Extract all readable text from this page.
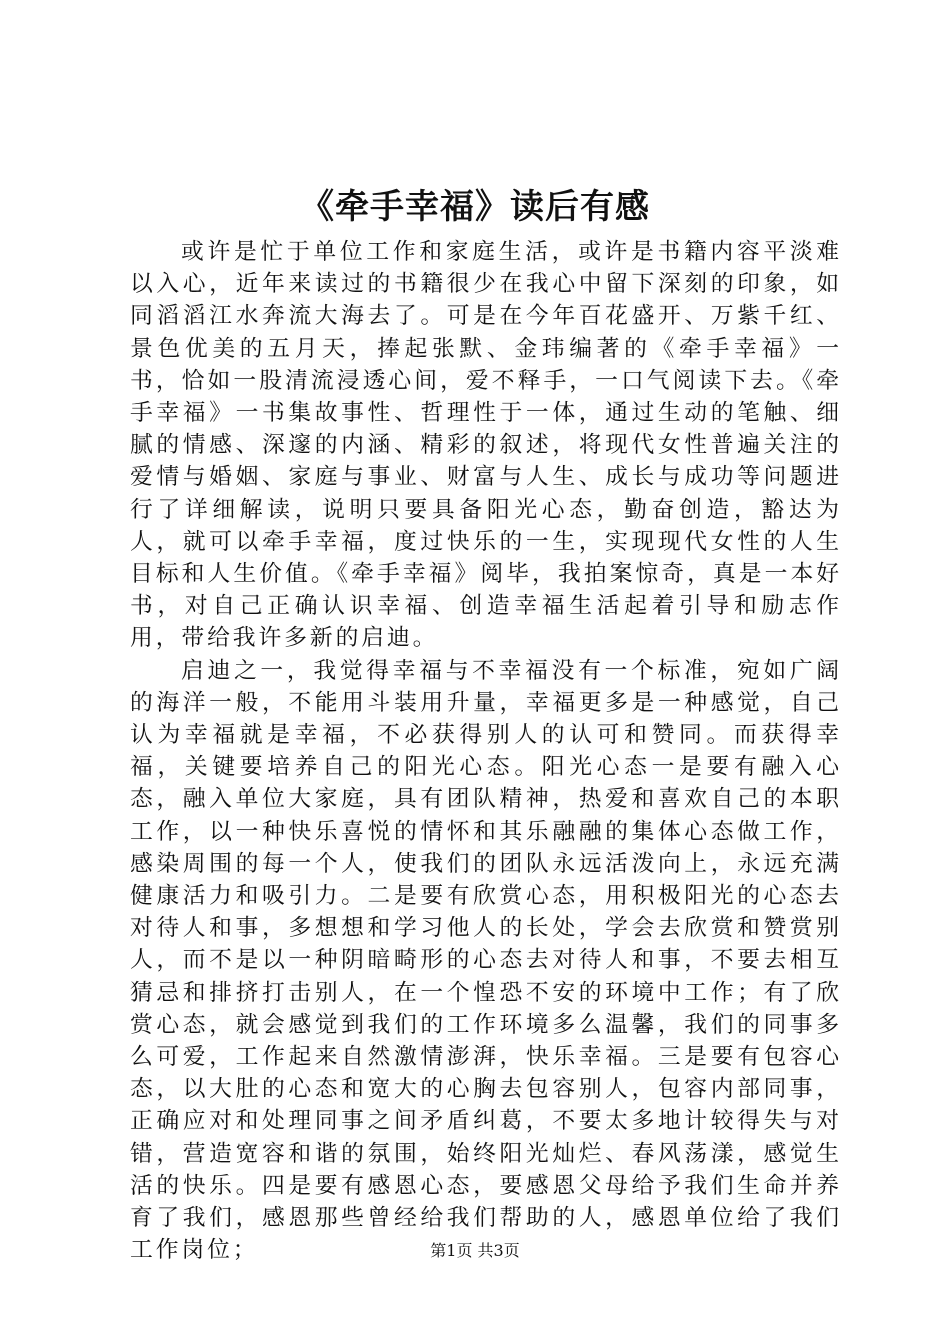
《牵手幸福》读后有感

或许是忙于单位工作和家庭生活，或许是书籍内容平淡难以入心，近年来读过的书籍很少在我心中留下深刻的印象，如同滔滔江水奔流大海去了。可是在今年百花盛开、万紫千红、景色优美的五月天，捧起张默、金玮编著的《牵手幸福》一书，恰如一股清流浸透心间，爱不释手，一口气阅读下去。《牵手幸福》一书集故事性、哲理性于一体，通过生动的笔触、细腻的情感、深邃的内涵、精彩的叙述，将现代女性普遍关注的爱情与婚姻、家庭与事业、财富与人生、成长与成功等问题进行了详细解读，说明只要具备阳光心态，勤奋创造，豁达为人，就可以牵手幸福，度过快乐的一生，实现现代女性的人生目标和人生价值。《牵手幸福》阅毕，我拍案惊奇，真是一本好书，对自己正确认识幸福、创造幸福生活起着引导和励志作用，带给我许多新的启迪。

启迪之一，我觉得幸福与不幸福没有一个标准，宛如广阔的海洋一般，不能用斗装用升量，幸福更多是一种感觉，自己认为幸福就是幸福，不必获得别人的认可和赞同。而获得幸福，关键要培养自己的阳光心态。阳光心态一是要有融入心态，融入单位大家庭，具有团队精神，热爱和喜欢自己的本职工作，以一种快乐喜悦的情怀和其乐融融的集体心态做工作，感染周围的每一个人，使我们的团队永远活泼向上，永远充满健康活力和吸引力。二是要有欣赏心态，用积极阳光的心态去对待人和事，多想想和学习他人的长处，学会去欣赏和赞赏别人，而不是以一种阴暗畸形的心态去对待人和事，不要去相互猜忌和排挤打击别人，在一个惶恐不安的环境中工作；有了欣赏心态，就会感觉到我们的工作环境多么温馨，我们的同事多么可爱，工作起来自然激情澎湃，快乐幸福。三是要有包容心态，以大肚的心态和宽大的心胸去包容别人，包容内部同事，正确应对和处理同事之间矛盾纠葛，不要太多地计较得失与对错，营造宽容和谐的氛围，始终阳光灿烂、春风荡漾，感觉生活的快乐。四是要有感恩心态，要感恩父母给予我们生命并养育了我们，感恩那些曾经给我们帮助的人，感恩单位给了我们工作岗位；	第1页 共3页
